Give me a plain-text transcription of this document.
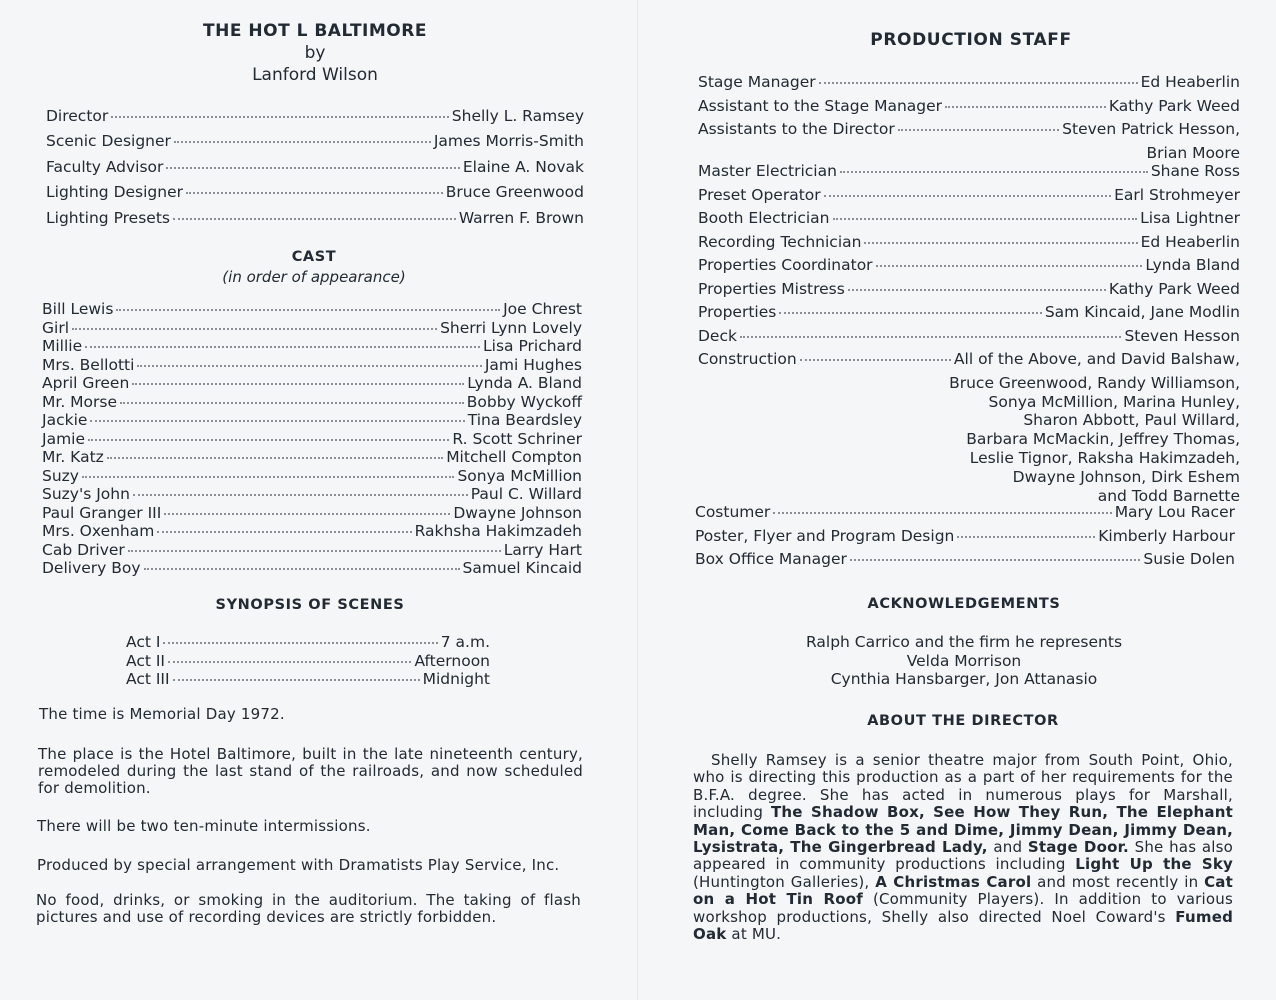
THE HOT L BALTIMORE
by
Lanford Wilson
Director	Shelly L. Ramsey
Scenic Designer	James Morris-Smith
Faculty Advisor	Elaine A. Novak
Lighting Designer	Bruce Greenwood
Lighting Presets	Warren F. Brown
CAST
(in order of appearance)
Bill Lewis	Joe Chrest
Girl	Sherri Lynn Lovely
Millie	Lisa Prichard
Mrs. Bellotti	Jami Hughes
April Green	Lynda A. Bland
Mr. Morse	Bobby Wyckoff
Jackie	Tina Beardsley
Jamie	R. Scott Schriner
Mr. Katz	Mitchell Compton
Suzy	Sonya McMillion
Suzy's John	Paul C. Willard
Paul Granger III	Dwayne Johnson
Mrs. Oxenham	Rakhsha Hakimzadeh
Cab Driver	Larry Hart
Delivery Boy	Samuel Kincaid
SYNOPSIS OF SCENES
Act I	7 a.m.
Act II	Afternoon
Act III	Midnight
The time is Memorial Day 1972.
The place is the Hotel Baltimore, built in the late nineteenth century, remodeled during the last stand of the railroads, and now scheduled for demolition.
There will be two ten-minute intermissions.
Produced by special arrangement with Dramatists Play Service, Inc.
No food, drinks, or smoking in the auditorium. The taking of flash pictures and use of recording devices are strictly forbidden.
PRODUCTION STAFF
Stage Manager	Ed Heaberlin
Assistant to the Stage Manager	Kathy Park Weed
Assistants to the Director	Steven Patrick Hesson,
Brian Moore
Master Electrician	Shane Ross
Preset Operator	Earl Strohmeyer
Booth Electrician	Lisa Lightner
Recording Technician	Ed Heaberlin
Properties Coordinator	Lynda Bland
Properties Mistress	Kathy Park Weed
Properties	Sam Kincaid, Jane Modlin
Deck	Steven Hesson
Construction	All of the Above, and David Balshaw,
Bruce Greenwood, Randy Williamson,
Sonya McMillion, Marina Hunley,
Sharon Abbott, Paul Willard,
Barbara McMackin, Jeffrey Thomas,
Leslie Tignor, Raksha Hakimzadeh,
Dwayne Johnson, Dirk Eshem
and Todd Barnette
Costumer	Mary Lou Racer
Poster, Flyer and Program Design	Kimberly Harbour
Box Office Manager	Susie Dolen
ACKNOWLEDGEMENTS
Ralph Carrico and the firm he represents
Velda Morrison
Cynthia Hansbarger, Jon Attanasio
ABOUT THE DIRECTOR
Shelly Ramsey is a senior theatre major from South Point, Ohio, who is directing this production as a part of her requirements for the B.F.A. degree. She has acted in numerous plays for Marshall, including The Shadow Box, See How They Run, The Elephant Man, Come Back to the 5 and Dime, Jimmy Dean, Jimmy Dean, Lysistrata, The Gingerbread Lady, and Stage Door. She has also appeared in community productions including Light Up the Sky (Huntington Galleries), A Christmas Carol and most recently in Cat on a Hot Tin Roof (Community Players). In addition to various workshop productions, Shelly also directed Noel Coward's Fumed Oak at MU.
